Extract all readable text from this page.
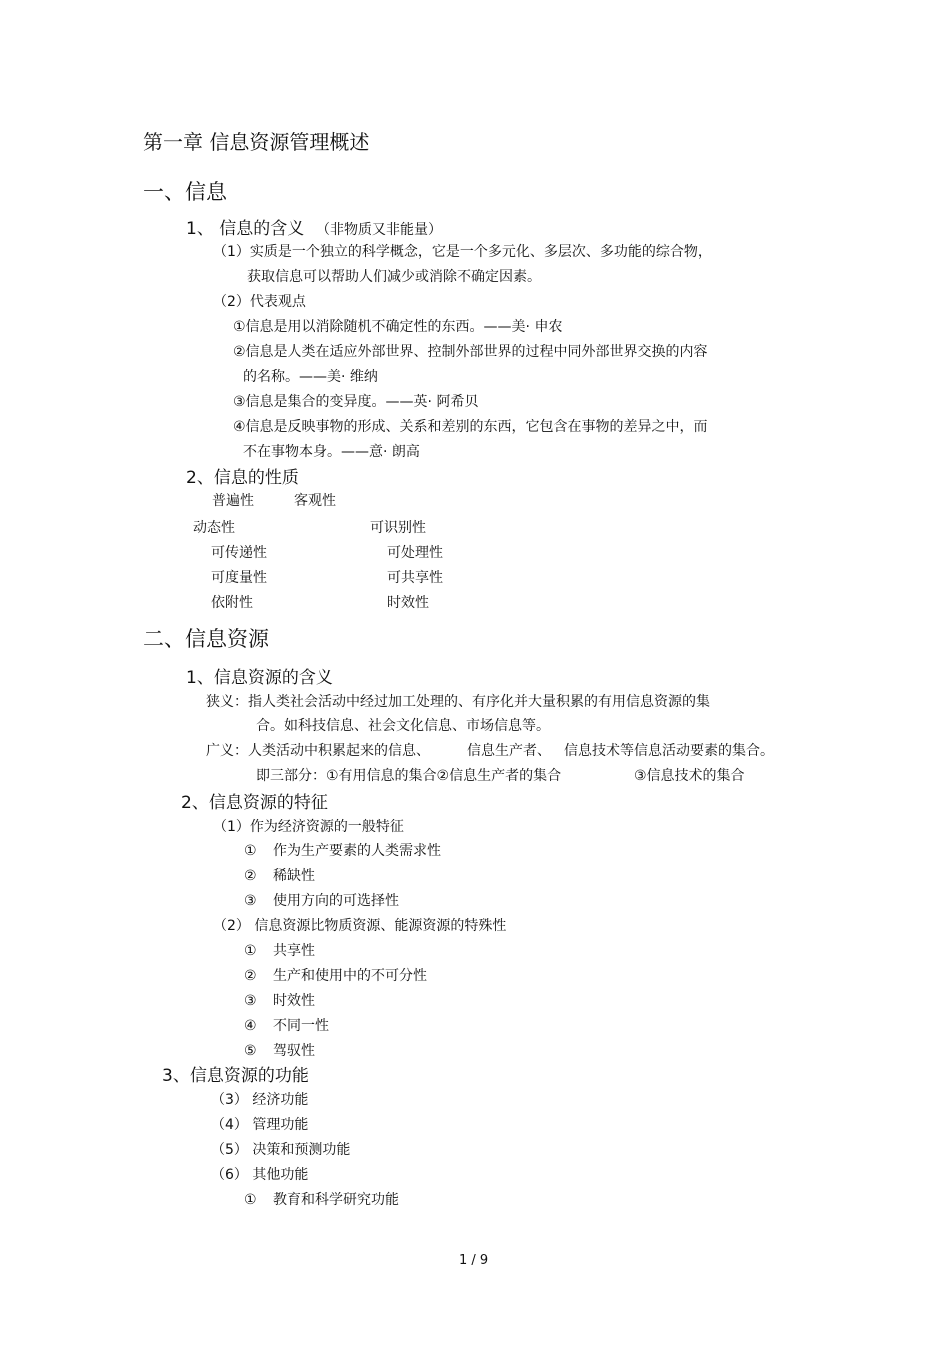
第一章 信息资源管理概述
一、信息
1、 信息的含义 （非物质又非能量）
（1）实质是一个独立的科学概念，它是一个多元化、多层次、多功能的综合物，
获取信息可以帮助人们减少或消除不确定因素。
（2）代表观点
①信息是用以消除随机不确定性的东西。——美· 申农
②信息是人类在适应外部世界、控制外部世界的过程中同外部世界交换的内容
的名称。——美· 维纳
③信息是集合的变异度。——英· 阿希贝
④信息是反映事物的形成、关系和差别的东西，它包含在事物的差异之中，而
不在事物本身。——意· 朗高
2、信息的性质
普遍性	客观性
动态性	可识别性
可传递性	可处理性
可度量性	可共享性
依附性	时效性
二、信息资源
1、信息资源的含义
狭义：指人类社会活动中经过加工处理的、有序化并大量积累的有用信息资源的集
合。如科技信息、社会文化信息、市场信息等。
广义：人类活动中积累起来的信息、	信息生产者、 信息技术等信息活动要素的集合。
即三部分：①有用信息的集合②信息生产者的集合	③信息技术的集合
2、信息资源的特征
（1）作为经济资源的一般特征
① 作为生产要素的人类需求性
② 稀缺性
③ 使用方向的可选择性
（2） 信息资源比物质资源、能源资源的特殊性
① 共享性
② 生产和使用中的不可分性
③ 时效性
④ 不同一性
⑤ 驾驭性
3、信息资源的功能
（3） 经济功能
（4） 管理功能
（5） 决策和预测功能
（6） 其他功能
① 教育和科学研究功能
1 / 9
